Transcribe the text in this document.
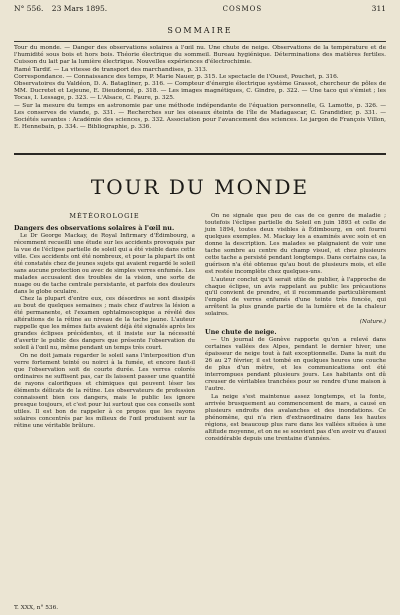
N° 556. 23 Mars 1895.	COSMOS	311
SOMMAIRE

Tour du monde. — Danger des observations solaires à l'œil nu. Une chute de neige. Observations de la température et de l'humidité sous bois et hors bois. Théorie électrique du sommeil. Bureau hygiénique. Déterminations des matières fertiles. Cuisson du lait par la lumière électrique. Nouvelles expériences d'électrochimie.

Ramé Tardif. — La vitesse de transport des marchandises, p. 313.

Correspondance. — Connaissance des temps, P. Marie Nauer, p. 315. Le spectacle de l'Ouest, Pouchet, p. 316.

Observatoires du Valdéon, D. A. Batagliner, p. 316. — Compteur d'énergie électrique système Grassot, chercheur de pôles de MM. Ducretet et Lejeune, E. Dieudonné, p. 318. — Les images magnétiques, C. Gindre, p. 322. — Une taco qui s'émiet ; les Tocas, I. Lessage, p. 323. — L'Alsace, C. Faure, p. 325.

— Sur la mesure du temps en astronomie par une méthode indépendante de l'équation personnelle, G. Lamotte, p. 326. — Les conserves de viande, p. 331. — Recherches sur les oiseaux éteints de l'île de Madagascar, C. Grandidier, p. 331. — Sociétés savantes : Académie des sciences, p. 332. Association pour l'avancement des sciences. Le jargon de François Villon, E. Hennebain, p. 334. — Bibliographie, p. 336.

TOUR DU MONDE
MÉTÉOROLOGIE

Dangers des observations solaires à l'œil nu.

Le Dr George Mackay, de Royal Infirmary d'Édimbourg, a récemment recueilli une étude sur les accidents provoqués par la vue de l'éclipse partielle de soleil qui a été visible dans cette ville. Ces accidents ont été nombreux, et pour la plupart ils ont été constatés chez de jeunes sujets qui avaient regardé le soleil sans aucune protection ou avec de simples verres enfumés. Les malades accusaient des troubles de la vision, une sorte de nuage ou de tache centrale persistante, et parfois des douleurs dans le globe oculaire.

Chez la plupart d'entre eux, ces désordres se sont dissipés au bout de quelques semaines ; mais chez d'autres la lésion a été permanente, et l'examen ophtalmoscopique a révélé des altérations de la rétine au niveau de la tache jaune. L'auteur rappelle que les mêmes faits avaient déjà été signalés après les grandes éclipses précédentes, et il insiste sur la nécessité d'avertir le public des dangers que présente l'observation du soleil à l'œil nu, même pendant un temps très court.

On ne doit jamais regarder le soleil sans l'interposition d'un verre fortement teinté ou noirci à la fumée, et encore faut-il que l'observation soit de courte durée. Les verres colorés ordinaires ne suffisent pas, car ils laissent passer une quantité de rayons calorifiques et chimiques qui peuvent léser les éléments délicats de la rétine. Les observateurs de profession connaissent bien ces dangers, mais le public les ignore presque toujours, et c'est pour lui surtout que ces conseils sont utiles. Il est bon de rappeler à ce propos que les rayons solaires concentrés par les milieux de l'œil produisent sur la rétine une véritable brûlure.

On ne signale que peu de cas de ce genre de maladie ; toutefois l'éclipse partielle du Soleil en juin 1893 et celle de juin 1894, toutes deux visibles à Édimbourg, en ont fourni quelques exemples. M. Mackay les a examinés avec soin et en donne la description. Les malades se plaignaient de voir une tache sombre au centre du champ visuel, et chez plusieurs cette tache a persisté pendant longtemps. Dans certains cas, la guérison n'a été obtenue qu'au bout de plusieurs mois, et elle est restée incomplète chez quelques-uns.

L'auteur conclut qu'il serait utile de publier, à l'approche de chaque éclipse, un avis rappelant au public les précautions qu'il convient de prendre, et il recommande particulièrement l'emploi de verres enfumés d'une teinte très foncée, qui arrêtent la plus grande partie de la lumière et de la chaleur solaires.

(Nature.)

Une chute de neige.

— Un journal de Genève rapporte qu'on a relevé dans certaines vallées des Alpes, pendant le dernier hiver, une épaisseur de neige tout à fait exceptionnelle. Dans la nuit du 26 au 27 février, il est tombé en quelques heures une couche de plus d'un mètre, et les communications ont été interrompues pendant plusieurs jours. Les habitants ont dû creuser de véritables tranchées pour se rendre d'une maison à l'autre.

La neige s'est maintenue assez longtemps, et la fonte, arrivée brusquement au commencement de mars, a causé en plusieurs endroits des avalanches et des inondations. Ce phénomène, qui n'a rien d'extraordinaire dans les hautes régions, est beaucoup plus rare dans les vallées situées à une altitude moyenne, et on ne se souvient pas d'en avoir vu d'aussi considérable depuis une trentaine d'années.

T. XXX, n° 536.
